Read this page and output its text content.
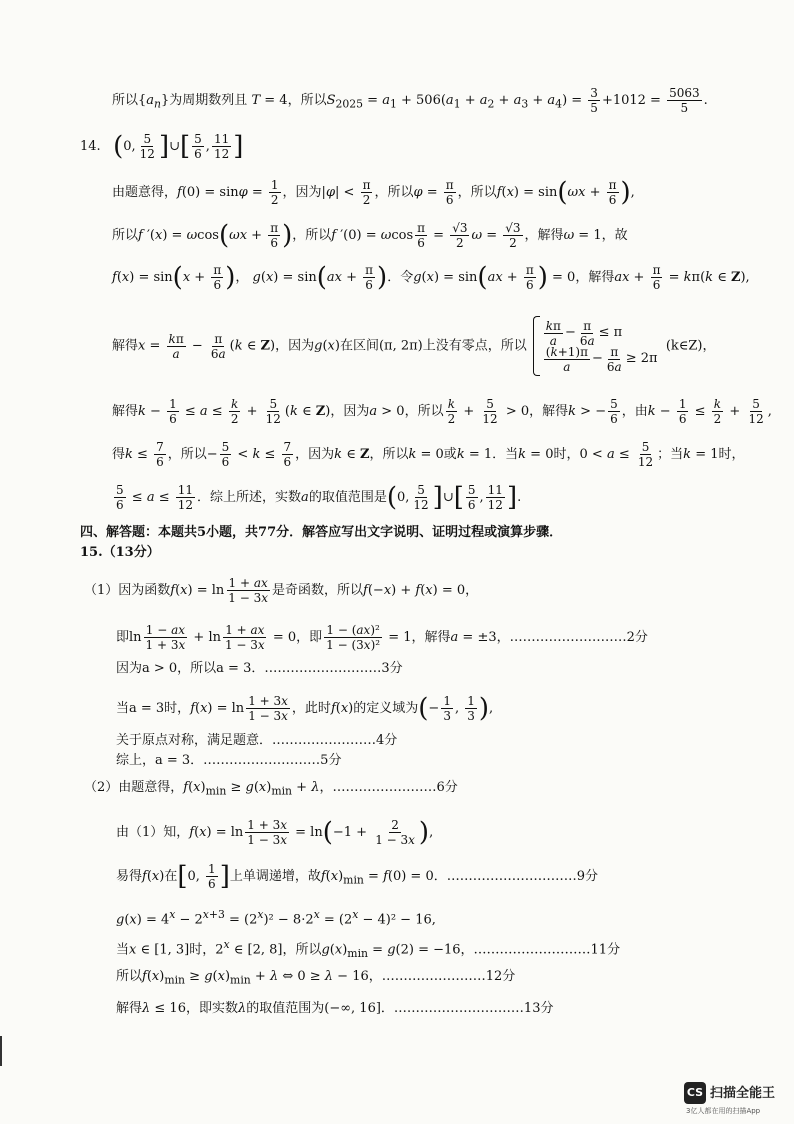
所以$\{a_n\}$为周期数列且 T = 4，所以$S_{2025} = a_1 + 506(a_1 + a_2 + a_3 + a_4) = \frac{3}{5} +1012 = \frac{5063}{5}$ .
14. (0, $\frac{5}{12}$ ]∪[ $\frac{5}{6}$ , $\frac{11}{12}$ ]
由题意得，$f(0) = \sin\varphi = \frac{1}{2}$ ，因为$|\varphi| < \frac{\pi}{2}$ ，所以$\varphi = \frac{\pi}{6}$ ，所以$f(x) = \sin(\omega x + \frac{\pi}{6}$ ),
所以f $'(x) = \omega\cos(\omega x + \frac{\pi}{6}$ )，所以f ′(0) = ωcos $\frac{\pi}{6} = \frac{√3}{2}$ $\omega = \frac{√3}{2}$ ，解得ω = 1，故
$f(x) = \sin(x + \frac{\pi}{6}$ )， $g(x) = \sin(ax + \frac{\pi}{6}$ )．令$g(x) = \sin(ax + \frac{\pi}{6}$ ) = 0，解得ax + $\frac{\pi}{6} = k\pi(k$ ∈ Z),
解得$x = \frac{k\pi}{a} - \frac{\pi}{6a} (k$ ∈ Z)，因为g(x)在区间(π, 2π)上没有零点，所以 $\frac{k\pi}{a} - \frac{\pi}{6a} \le \pi$
$\frac{(k+1)\pi}{a} - \frac{\pi}{6a} \ge 2\pi$
(k∈Z)，
解得$k - \frac{1}{6} \le a \le \frac{k}{2} + \frac{5}{12} (k$ ∈ Z)，因为a > 0，所以 $\frac{k}{2} + \frac{5}{12} > 0$，解得k > − $\frac{5}{6}$ ，由$k - \frac{1}{6} \le \frac{k}{2} + \frac{5}{12}$ ,
得$k \le \frac{7}{6}$ ，所以− $\frac{5}{6} < k \le \frac{7}{6}$ ，因为k ∈ Z，所以k = 0或k = 1．当k = 0时，$0 < a \le \frac{5}{12}$ ；当k = 1时，
$\frac{5}{6} \le a \le \frac{11}{12}$ ．综上所述，实数a的取值范围是(0, $\frac{5}{12}$ ]∪[ $\frac{5}{6}$ , $\frac{11}{12}$ ].
四、解答题：本题共5小题，共77分．解答应写出文字说明、证明过程或演算步骤．
15.（13分）
（1）因为函数$f(x) = \ln \frac{1 + ax}{1 - 3x}$ 是奇函数，所以f(−x) + f(x) = 0，
即$\ln \frac{1 - ax}{1 + 3x} + \ln \frac{1 + ax}{1 - 3x} = 0$，即 $\frac{\text{1 − (ax)²}}{\text{1 − (3x)²}} = 1$，解得a = ±3，………………………2分
因为a > 0，所以a = 3．………………………3分
当a = 3时，$f(x) = \ln \frac{1 + 3x}{1 - 3x}$ ，此时f(x)的定义域为(− $\frac{1}{3}$ , $\frac{1}{3}$ ),
关于原点对称，满足题意．……………………4分
综上，a = 3．………………………5分
（2）由题意得，$f(x)_{min} \ge g(x)_{min} + \lambda$，……………………6分
由（1）知，$f(x) = \ln \frac{1 + 3x}{1 - 3x} = \ln(-1 + \frac{2}{1 - 3x}$ ),
易得f(x)在[0, $\frac{1}{6}$ ]上单调递增，故$f(x)_{min} = f(0) = 0$．…………………………9分
$g(x) = 4^x - 2^{x+3} = (2^x)^2 - 8\cdot 2^x = (2^x - 4)^2 - 16$,
当x ∈ [1, 3]时，2$^x$ ∈ [2, 8]，所以$g(x)_{min} = g(2) = -16$，………………………11分
所以$f(x)_{min} \ge g(x)_{min} + \lambda$ ⇔ 0 ≥ λ − 16，……………………12分
解得λ ≤ 16，即实数λ的取值范围为(−∞, 16]．…………………………13分
CS 扫描全能王
3亿人都在用的扫描App
